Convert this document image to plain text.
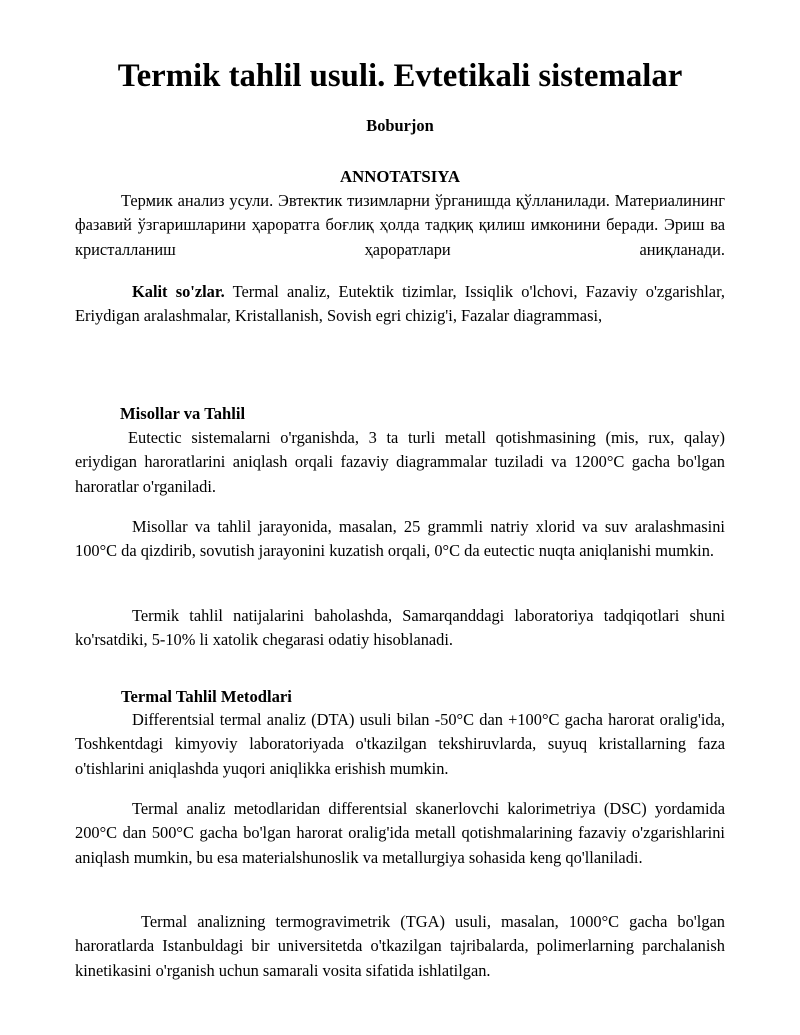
Termik tahlil usuli. Evtetikali sistemalar

Boburjon

ANNOTATSIYA

Термик анализ усули. Эвтектик тизимларни ўрганишда қўлланилади. Материалининг фазавий ўзгаришларини ҳароратга боғлиқ ҳолда тадқиқ қилиш имконини беради. Эриш ва кристалланиш ҳароратлари аниқланади.

Kalit so'zlar. Termal analiz, Eutektik tizimlar, Issiqlik o'lchovi, Fazaviy o'zgarishlar, Eriydigan aralashmalar, Kristallanish, Sovish egri chizig'i, Fazalar diagrammasi,

Misollar va Tahlil

Eutectic sistemalarni o'rganishda, 3 ta turli metall qotishmasining (mis, rux, qalay) eriydigan haroratlarini aniqlash orqali fazaviy diagrammalar tuziladi va 1200°C gacha bo'lgan haroratlar o'rganiladi.

Misollar va tahlil jarayonida, masalan, 25 grammli natriy xlorid va suv aralashmasini 100°C da qizdirib, sovutish jarayonini kuzatish orqali, 0°C da eutectic nuqta aniqlanishi mumkin.

Termik tahlil natijalarini baholashda, Samarqanddagi laboratoriya tadqiqotlari shuni ko'rsatdiki, 5-10% li xatolik chegarasi odatiy hisoblanadi.

Termal Tahlil Metodlari

Differentsial termal analiz (DTA) usuli bilan -50°C dan +100°C gacha harorat oralig'ida, Toshkentdagi kimyoviy laboratoriyada o'tkazilgan tekshiruvlarda, suyuq kristallarning faza o'tishlarini aniqlashda yuqori aniqlikka erishish mumkin.

Termal analiz metodlaridan differentsial skanerlovchi kalorimetriya (DSC) yordamida 200°C dan 500°C gacha bo'lgan harorat oralig'ida metall qotishmalarining fazaviy o'zgarishlarini aniqlash mumkin, bu esa materialshunoslik va metallurgiya sohasida keng qo'llaniladi.

Termal analizning termogravimetrik (TGA) usuli, masalan, 1000°C gacha bo'lgan haroratlarda Istanbuldagi bir universitetda o'tkazilgan tajribalarda, polimerlarning parchalanish kinetikasini o'rganish uchun samarali vosita sifatida ishlatilgan.
